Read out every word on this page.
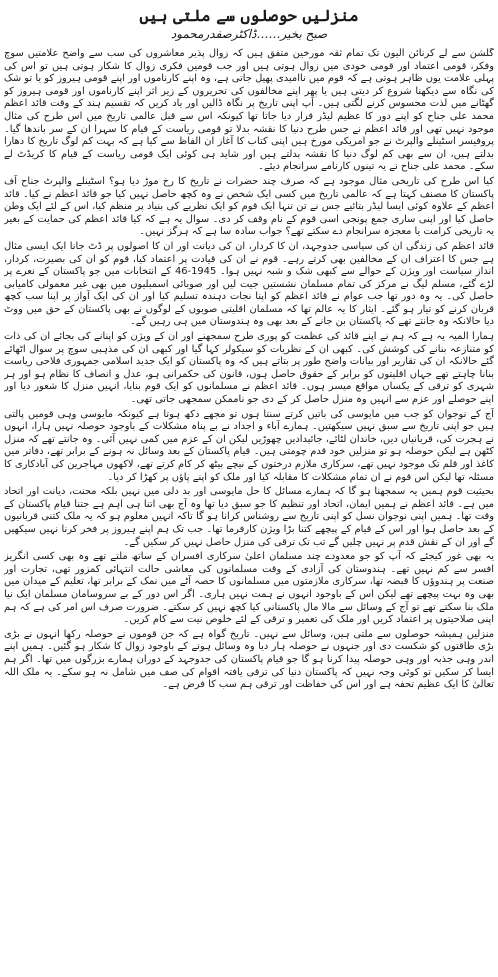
منزلیں حوصلوں سے ملتی ہیں
صبح بخیر……ڈاکٹرصفدرمحمود

گلشن سے لے کرنائن الیون تک تمام ثقہ مورخین متفق ہیں کہ زوال پذیر معاشروں کی سب سے واضح علامتیں سوچ وفکر، قومی اعتماد اور قومی خودی میں زوال ہوتی ہیں اور جب قومیں فکری زوال کا شکار ہوتی ہیں تو اس کی پہلی علامت یوں ظاہر ہوتی ہے کہ قوم میں ناامیدی پھیل جاتی ہے، وہ اپنے کارناموں اور اپنے قومی ہیروز کو یا تو شک کی نگاہ سے دیکھنا شروع کر دیتی ہیں یا پھر اپنے مخالفوں کی تحریروں کے زیر اثر اپنے کارناموں اور قومی ہیروز کو گھٹانے میں لذت محسوس کرنے لگتی ہیں۔ آپ اپنی تاریخ پر نگاہ ڈالیں اور یاد کریں کہ تقسیم ہند کے وقت قائد اعظم محمد علی جناح کو اپنے دور کا عظیم لیڈر قرار دیا جاتا تھا کیونکہ اس سے قبل عالمی تاریخ میں اس طرح کی مثال موجود نہیں تھی اور قائد اعظم نے جس طرح دنیا کا نقشہ بدلا تو قومی ریاست کے قیام کا سہرا ان کے سر باندھا گیا۔ پروفیسر اسٹینلے والپرٹ نے جو امریکی مورخ ہیں اپنی کتاب کا آغاز ان الفاظ سے کیا ہے کہ بہت کم لوگ تاریخ کا دھارا بدلتے ہیں، ان سے بھی کم لوگ دنیا کا نقشہ بدلتے ہیں اور شاید ہی کوئی ایک قومی ریاست کے قیام کا کریڈٹ لے سکے۔ محمد علی جناح نے یہ تینوں کارنامے سرانجام دیئے۔

کیا اس طرح کی تاریخی مثال موجود ہے کہ صرف چند حضرات نے تاریخ کا رخ موڑ دیا ہو؟ اسٹینلے والپرٹ جناح آف پاکستان کا مصنف کہتا ہے کہ عالمی تاریخ میں کسی ایک شخص نے وہ کچھ حاصل نہیں کیا جو قائد اعظم نے کیا۔ قائد اعظم کے علاوہ کوئی ایسا لیڈر بتائیے جس نے تن تنہا ایک قوم کو ایک نظریے کی بنیاد پر منظم کیا، اس کے لئے ایک وطن حاصل کیا اور اپنی ساری جمع پونجی اسی قوم کے نام وقف کر دی۔ سوال یہ ہے کہ کیا قائد اعظم کی حمایت کے بغیر یہ تاریخی کرامت یا معجزہ سرانجام دے سکتے تھے؟ جواب سادہ سا ہے کہ ہرگز نہیں۔

قائد اعظم کی زندگی ان کی سیاسی جدوجہد، ان کا کردار، ان کی دیانت اور ان کا اصولوں پر ڈٹ جانا ایک ایسی مثال ہے جس کا اعتراف ان کے مخالفین بھی کرتے رہے۔ قوم نے ان کی قیادت پر اعتماد کیا، قوم کو ان کی بصیرت، کردار، انداز سیاست اور ویژن کے حوالے سے کبھی شک و شبہ نہیں ہوا۔ 1945-46 کے انتخابات میں جو پاکستان کے نعرے پر لڑے گئے، مسلم لیگ نے مرکز کی تمام مسلمان نشستیں جیت لیں اور صوبائی اسمبلیوں میں بھی غیر معمولی کامیابی حاصل کی۔ یہ وہ دور تھا جب عوام نے قائد اعظم کو اپنا نجات دہندہ تسلیم کیا اور ان کی ایک آواز پر اپنا سب کچھ قربان کرنے کو تیار ہو گئے۔ ایثار کا یہ عالم تھا کہ مسلمان اقلیتی صوبوں کے لوگوں نے بھی پاکستان کے حق میں ووٹ دیا حالانکہ وہ جانتے تھے کہ پاکستان بن جانے کے بعد بھی وہ ہندوستان میں ہی رہیں گے۔

ہمارا المیہ یہ ہے کہ ہم نے اپنے قائد کی عظمت کو پوری طرح سمجھنے اور ان کے ویژن کو اپنانے کی بجائے ان کی ذات کو متنازعہ بنانے کی کوشش کی۔ کبھی ان کے نظریات کو سیکولر کہا گیا اور کبھی ان کی مذہبی سوچ پر سوال اٹھائے گئے حالانکہ ان کی تقاریر اور بیانات واضح طور پر بتاتے ہیں کہ وہ پاکستان کو ایک جدید اسلامی جمہوری فلاحی ریاست بنانا چاہتے تھے جہاں اقلیتوں کو برابر کے حقوق حاصل ہوں، قانون کی حکمرانی ہو، عدل و انصاف کا نظام ہو اور ہر شہری کو ترقی کے یکساں مواقع میسر ہوں۔ قائد اعظم نے مسلمانوں کو ایک قوم بنایا، انہیں منزل کا شعور دیا اور اپنے حوصلے اور عزم سے انہیں وہ منزل حاصل کر کے دی جو ناممکن سمجھی جاتی تھی۔

آج کے نوجوان کو جب میں مایوسی کی باتیں کرتے سنتا ہوں تو مجھے دکھ ہوتا ہے کیونکہ مایوسی وہی قومیں پالتی ہیں جو اپنی تاریخ سے سبق نہیں سیکھتیں۔ ہمارے آباء و اجداد نے بے پناہ مشکلات کے باوجود حوصلہ نہیں ہارا، انہوں نے ہجرت کی، قربانیاں دیں، خاندان لٹائے، جائیدادیں چھوڑیں لیکن ان کے عزم میں کمی نہیں آئی۔ وہ جانتے تھے کہ منزل کٹھن ہے لیکن حوصلہ ہو تو منزلیں خود قدم چومتی ہیں۔ قیام پاکستان کے بعد وسائل نہ ہونے کے برابر تھے، دفاتر میں کاغذ اور قلم تک موجود نہیں تھے، سرکاری ملازم درختوں کے نیچے بیٹھ کر کام کرتے تھے، لاکھوں مہاجرین کی آبادکاری کا مسئلہ تھا لیکن اس قوم نے ان تمام مشکلات کا مقابلہ کیا اور ملک کو اپنے پاؤں پر کھڑا کر دیا۔

بحیثیت قوم ہمیں یہ سمجھنا ہو گا کہ ہمارے مسائل کا حل مایوسی اور بد دلی میں نہیں بلکہ محنت، دیانت اور اتحاد میں ہے۔ قائد اعظم نے ہمیں ایمان، اتحاد اور تنظیم کا جو سبق دیا تھا وہ آج بھی اتنا ہی اہم ہے جتنا قیام پاکستان کے وقت تھا۔ ہمیں اپنی نوجوان نسل کو اپنی تاریخ سے روشناس کرانا ہو گا تاکہ انہیں معلوم ہو کہ یہ ملک کتنی قربانیوں کے بعد حاصل ہوا اور اس کے قیام کے پیچھے کتنا بڑا ویژن کارفرما تھا۔ جب تک ہم اپنے ہیروز پر فخر کرنا نہیں سیکھیں گے اور ان کے نقش قدم پر نہیں چلیں گے تب تک ترقی کی منزل حاصل نہیں کر سکیں گے۔

یہ بھی غور کیجئے کہ آپ کو جو معدودے چند مسلمان اعلیٰ سرکاری افسران کے ساتھ ملتے تھے وہ بھی کسی انگریز افسر سے کم نہیں تھے۔ ہندوستان کی آزادی کے وقت مسلمانوں کی معاشی حالت انتہائی کمزور تھی، تجارت اور صنعت پر ہندوؤں کا قبضہ تھا، سرکاری ملازمتوں میں مسلمانوں کا حصہ آٹے میں نمک کے برابر تھا، تعلیم کے میدان میں بھی وہ بہت پیچھے تھے لیکن اس کے باوجود انہوں نے ہمت نہیں ہاری۔ اگر اس دور کے بے سروسامان مسلمان ایک نیا ملک بنا سکتے تھے تو آج کے وسائل سے مالا مال پاکستانی کیا کچھ نہیں کر سکتے۔ ضرورت صرف اس امر کی ہے کہ ہم اپنی صلاحیتوں پر اعتماد کریں اور ملک کی تعمیر و ترقی کے لئے خلوص نیت سے کام کریں۔

منزلیں ہمیشہ حوصلوں سے ملتی ہیں، وسائل سے نہیں۔ تاریخ گواہ ہے کہ جن قوموں نے حوصلہ رکھا انہوں نے بڑی بڑی طاقتوں کو شکست دی اور جنہوں نے حوصلہ ہار دیا وہ وسائل ہونے کے باوجود زوال کا شکار ہو گئیں۔ ہمیں اپنے اندر وہی جذبہ اور وہی حوصلہ پیدا کرنا ہو گا جو قیام پاکستان کی جدوجہد کے دوران ہمارے بزرگوں میں تھا۔ اگر ہم ایسا کر سکیں تو کوئی وجہ نہیں کہ پاکستان دنیا کی ترقی یافتہ اقوام کی صف میں شامل نہ ہو سکے۔ یہ ملک اللہ تعالیٰ کا ایک عظیم تحفہ ہے اور اس کی حفاظت اور ترقی ہم سب کا فرض ہے۔
